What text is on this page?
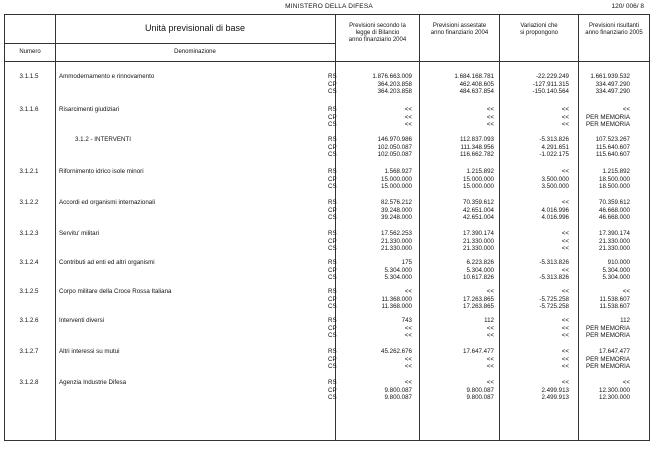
MINISTERO DELLA DIFESA	120/ 006/ 8
Unità previsionali di base
Numero	Denominazione
Previsioni secondo la
legge di Bilancio
anno finanziario 2004
Previsioni assestate
anno finanziario 2004
Variazioni che
si propongono
Previsioni risultanti
anno finanziario 2005
3.1.1.5	Ammodernamento e rinnovamento	RS	1.876.663.009	1.684.168.781	-22.229.249	1.661.939.532
CP	364.203.858	462.408.605	-127.911.315	334.497.290
CS	364.203.858	484.637.854	-150.140.564	334.497.290
3.1.1.6	Risarcimenti giudiziari	RS	<<	<<	<<	<<
CP	<<	<<	<<	PER MEMORIA
CS	<<	<<	<<	PER MEMORIA
3.1.2 - INTERVENTI	RS	146.970.986	112.837.093	-5.313.826	107.523.267
CP	102.050.087	111.348.956	4.291.651	115.640.607
CS	102.050.087	116.662.782	-1.022.175	115.640.607
3.1.2.1	Rifornimento idrico isole minori	RS	1.568.927	1.215.892	<<	1.215.892
CP	15.000.000	15.000.000	3.500.000	18.500.000
CS	15.000.000	15.000.000	3.500.000	18.500.000
3.1.2.2	Accordi ed organismi internazionali	RS	82.576.212	70.359.612	<<	70.359.612
CP	39.248.000	42.651.004	4.016.996	46.668.000
CS	39.248.000	42.651.004	4.016.996	46.668.000
3.1.2.3	Servitu' militari	RS	17.562.253	17.390.174	<<	17.390.174
CP	21.330.000	21.330.000	<<	21.330.000
CS	21.330.000	21.330.000	<<	21.330.000
3.1.2.4	Contributi ad enti ed altri organismi	RS	175	6.223.826	-5.313.826	910.000
CP	5.304.000	5.304.000	<<	5.304.000
CS	5.304.000	10.617.826	-5.313.826	5.304.000
3.1.2.5	Corpo militare della Croce Rossa Italiana	RS	<<	<<	<<	<<
CP	11.368.000	17.263.865	-5.725.258	11.538.607
CS	11.368.000	17.263.865	-5.725.258	11.538.607
3.1.2.6	Interventi diversi	RS	743	112	<<	112
CP	<<	<<	<<	PER MEMORIA
CS	<<	<<	<<	PER MEMORIA
3.1.2.7	Altri interessi su mutui	RS	45.262.676	17.647.477	<<	17.647.477
CP	<<	<<	<<	PER MEMORIA
CS	<<	<<	<<	PER MEMORIA
3.1.2.8	Agenzia Industrie Difesa	RS	<<	<<	<<	<<
CP	9.800.087	9.800.087	2.499.913	12.300.000
CS	9.800.087	9.800.087	2.499.913	12.300.000
